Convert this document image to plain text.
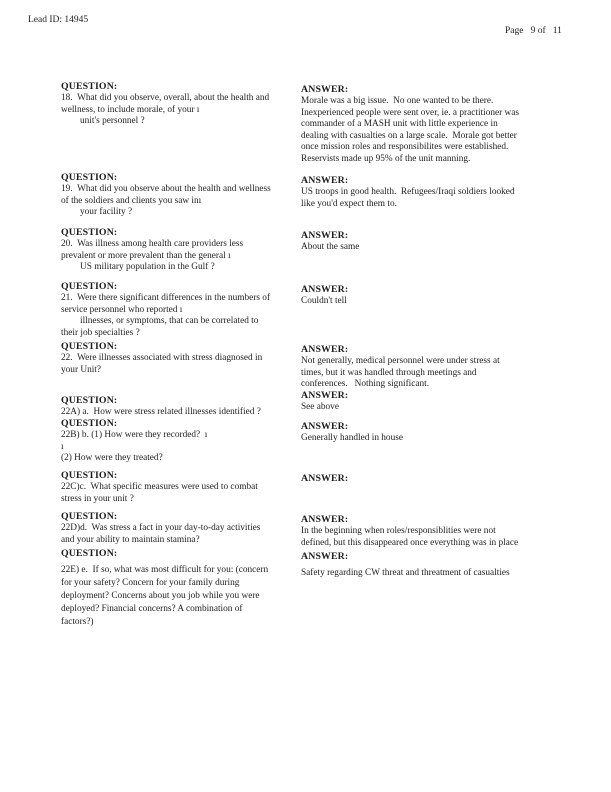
Lead ID: 14945
Page   9 of   11
QUESTION:
18.  What did you observe, overall, about the health and
wellness, to include morale, of your ı
unit's personnel ?
ANSWER:
Morale was a big issue.  No one wanted to be there.
Inexperienced people were sent over, ie. a practitioner was
commander of a MASH unit with little experience in
dealing with casualties on a large scale.  Morale got better
once mission roles and responsibilites were established.
Reservists made up 95% of the unit manning.
QUESTION:
19.  What did you observe about the health and wellness
of the soldiers and clients you saw inı
your facility ?
ANSWER:
US troops in good health.  Refugees/Iraqi soldiers looked
like you'd expect them to.
QUESTION:
20.  Was illness among health care providers less
prevalent or more prevalent than the general ı
US military population in the Gulf ?
ANSWER:
About the same
QUESTION:
21.  Were there significant differences in the numbers of
service personnel who reported ı
illnesses, or symptoms, that can be correlated to
their job specialties ?
ANSWER:
Couldn't tell
QUESTION:
22.  Were illnesses associated with stress diagnosed in
your Unit?
ANSWER:
Not generally, medical personnel were under stress at
times, but it was handled through meetings and
conferences.   Nothing significant.
QUESTION:
22A) a.  How were stress related illnesses identified ?
ANSWER:
See above
QUESTION:
22B) b. (1) How were they recorded?  ı
ı
(2) How were they treated?
ANSWER:
Generally handled in house
QUESTION:
22C)c.  What specific measures were used to combat
stress in your unit ?
ANSWER:
QUESTION:
22D)d.  Was stress a fact in your day-to-day activities
and your ability to maintain stamina?
ANSWER:
In the beginning when roles/responsiblities were not
defined, but this disappeared once everything was in place
QUESTION:
22E) e.  If so, what was most difficult for you: (concern
for your safety? Concern for your family during
deployment? Concerns about you job while you were
deployed? Financial concerns? A combination of
factors?)
ANSWER:
Safety regarding CW threat and threatment of casualties
